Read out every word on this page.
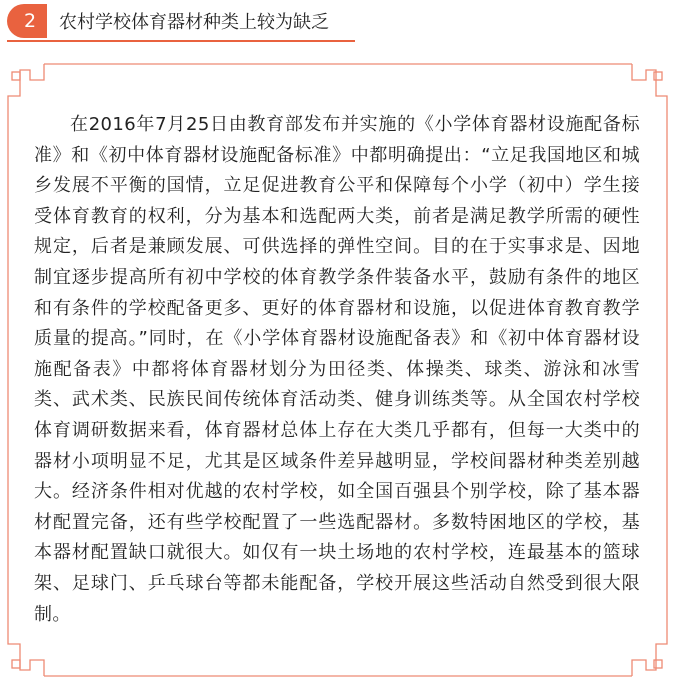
2	农村学校体育器材种类上较为缺乏

在2016年7月25日由教育部发布并实施的《小学体育器材设施配备标准》和《初中体育器材设施配备标准》中都明确提出：“立足我国地区和城乡发展不平衡的国情，立足促进教育公平和保障每个小学（初中）学生接受体育教育的权利，分为基本和选配两大类，前者是满足教学所需的硬性规定，后者是兼顾发展、可供选择的弹性空间。目的在于实事求是、因地制宜逐步提高所有初中学校的体育教学条件装备水平，鼓励有条件的地区和有条件的学校配备更多、更好的体育器材和设施，以促进体育教育教学质量的提高。”同时，在《小学体育器材设施配备表》和《初中体育器材设施配备表》中都将体育器材划分为田径类、体操类、球类、游泳和冰雪类、武术类、民族民间传统体育活动类、健身训练类等。从全国农村学校体育调研数据来看，体育器材总体上存在大类几乎都有，但每一大类中的器材小项明显不足，尤其是区域条件差异越明显，学校间器材种类差别越大。经济条件相对优越的农村学校，如全国百强县个别学校，除了基本器材配置完备，还有些学校配置了一些选配器材。多数特困地区的学校，基本器材配置缺口就很大。如仅有一块土场地的农村学校，连最基本的篮球架、足球门、乒乓球台等都未能配备，学校开展这些活动自然受到很大限制。
